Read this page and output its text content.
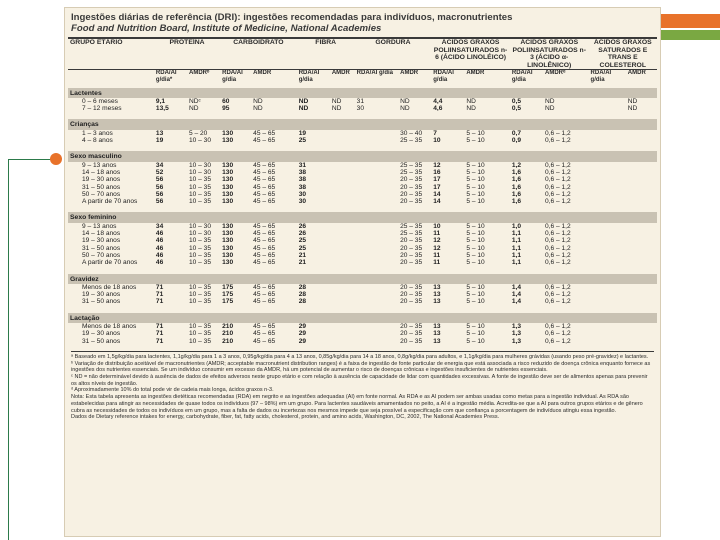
Ingestões diárias de referência (DRI): ingestões recomendadas para indivíduos, macronutrientes
Food and Nutrition Board, Institute of Medicine, National Academies
GRUPO ETÁRIO	PROTEÍNA		CARBOIDRATO		FIBRA		GORDURA		ÁCIDOS GRAXOS POLIINSATURADOS n-6 (ÁCIDO LINOLÉICO)		ÁCIDOS GRAXOS POLIINSATURADOS n-3 (ÁCIDO α-LINOLÊNICO)		ÁCIDOS GRAXOS SATURADOS E TRANS E COLESTEROL	
	RDA/AI g/dia*	AMDRᵇ	RDA/AI g/dia	AMDR	RDA/AI g/dia	AMDR	RDA/AI g/dia	AMDR	RDA/AI g/dia	AMDR	RDA/AI g/dia	AMDRᵈ	RDA/AI g/dia	AMDR
Lactentes														
0 – 6 meses	9,1	NDᶜ	60	ND	ND	ND	31	ND	4,4	ND	0,5	ND		ND
7 – 12 meses	13,5	ND	95	ND	ND	ND	30	ND	4,6	ND	0,5	ND		ND
Crianças														
1 – 3 anos	13	5 – 20	130	45 – 65	19			30 – 40	7	5 – 10	0,7	0,6 – 1,2		
4 – 8 anos	19	10 – 30	130	45 – 65	25			25 – 35	10	5 – 10	0,9	0,6 – 1,2		
Sexo masculino														
9 – 13 anos	34	10 – 30	130	45 – 65	31			25 – 35	12	5 – 10	1,2	0,6 – 1,2		
14 – 18 anos	52	10 – 30	130	45 – 65	38			25 – 35	16	5 – 10	1,6	0,6 – 1,2		
19 – 30 anos	56	10 – 35	130	45 – 65	38			20 – 35	17	5 – 10	1,6	0,6 – 1,2		
31 – 50 anos	56	10 – 35	130	45 – 65	38			20 – 35	17	5 – 10	1,6	0,6 – 1,2		
50 – 70 anos	56	10 – 35	130	45 – 65	30			20 – 35	14	5 – 10	1,6	0,6 – 1,2		
A partir de 70 anos	56	10 – 35	130	45 – 65	30			20 – 35	14	5 – 10	1,6	0,6 – 1,2		
Sexo feminino														
9 – 13 anos	34	10 – 30	130	45 – 65	26			25 – 35	10	5 – 10	1,0	0,6 – 1,2		
14 – 18 anos	46	10 – 30	130	45 – 65	26			25 – 35	11	5 – 10	1,1	0,6 – 1,2		
19 – 30 anos	46	10 – 35	130	45 – 65	25			20 – 35	12	5 – 10	1,1	0,6 – 1,2		
31 – 50 anos	46	10 – 35	130	45 – 65	25			20 – 35	12	5 – 10	1,1	0,6 – 1,2		
50 – 70 anos	46	10 – 35	130	45 – 65	21			20 – 35	11	5 – 10	1,1	0,6 – 1,2		
A partir de 70 anos	46	10 – 35	130	45 – 65	21			20 – 35	11	5 – 10	1,1	0,6 – 1,2		
Gravidez														
Menos de 18 anos	71	10 – 35	175	45 – 65	28			20 – 35	13	5 – 10	1,4	0,6 – 1,2		
19 – 30 anos	71	10 – 35	175	45 – 65	28			20 – 35	13	5 – 10	1,4	0,6 – 1,2		
31 – 50 anos	71	10 – 35	175	45 – 65	28			20 – 35	13	5 – 10	1,4	0,6 – 1,2		
Lactação														
Menos de 18 anos	71	10 – 35	210	45 – 65	29			20 – 35	13	5 – 10	1,3	0,6 – 1,2		
19 – 30 anos	71	10 – 35	210	45 – 65	29			20 – 35	13	5 – 10	1,3	0,6 – 1,2		
31 – 50 anos	71	10 – 35	210	45 – 65	29			20 – 35	13	5 – 10	1,3	0,6 – 1,2		

ᵃ Baseado em 1,5g/kg/dia para lactentes, 1,1g/kg/dia para 1 a 3 anos, 0,95g/kg/dia para 4 a 13 anos, 0,85g/kg/dia para 14 a 18 anos, 0,8g/kg/dia para adultos, e 1,1g/kg/dia para mulheres grávidas (usando peso pré-gravidez) e lactantes.

ᵇ Variação de distribuição aceitável de macronutrientes (AMDR; acceptable macronutrient distribution ranges) é a faixa de ingestão de fonte particular de energia que está associada a risco reduzido de doença crônica enquanto fornece as ingestões dos nutrientes essenciais. Se um indivíduo consumir em excesso da AMDR, há um potencial de aumentar o risco de doenças crônicas e ingestões insuficientes de nutrientes essenciais.

ᶜ ND = não determinável devido à ausência de dados de efeitos adversos neste grupo etário e com relação à ausência de capacidade de lidar com quantidades excessivas. A fonte de ingestão deve ser de alimentos apenas para prevenir os altos níveis de ingestão.

ᵈ Aproximadamente 10% do total pode vir de cadeia mais longa, ácidos graxos n-3.

Nota: Esta tabela apresenta as ingestões dietéticas recomendadas (RDA) em negrito e as ingestões adequadas (AI) em fonte normal. As RDA e as AI podem ser ambas usadas como metas para a ingestão individual. As RDA são estabelecidas para atingir as necessidades de quase todos os indivíduos (97 – 98%) em um grupo. Para lactentes saudáveis amamentados no peito, a AI é a ingestão média. Acredita-se que a AI para outros grupos etários e de gênero cubra as necessidades de todos os indivíduos em um grupo, mas a falta de dados ou incertezas nos mesmos impede que seja possível a especificação com que confiança a porcentagem de indivíduos atingiu essa ingestão.

Dados de Dietary reference intakes for energy, carbohydrate, fiber, fat, fatty acids, cholesterol, protein, and amino acids, Washington, DC, 2002, The National Academies Press.
